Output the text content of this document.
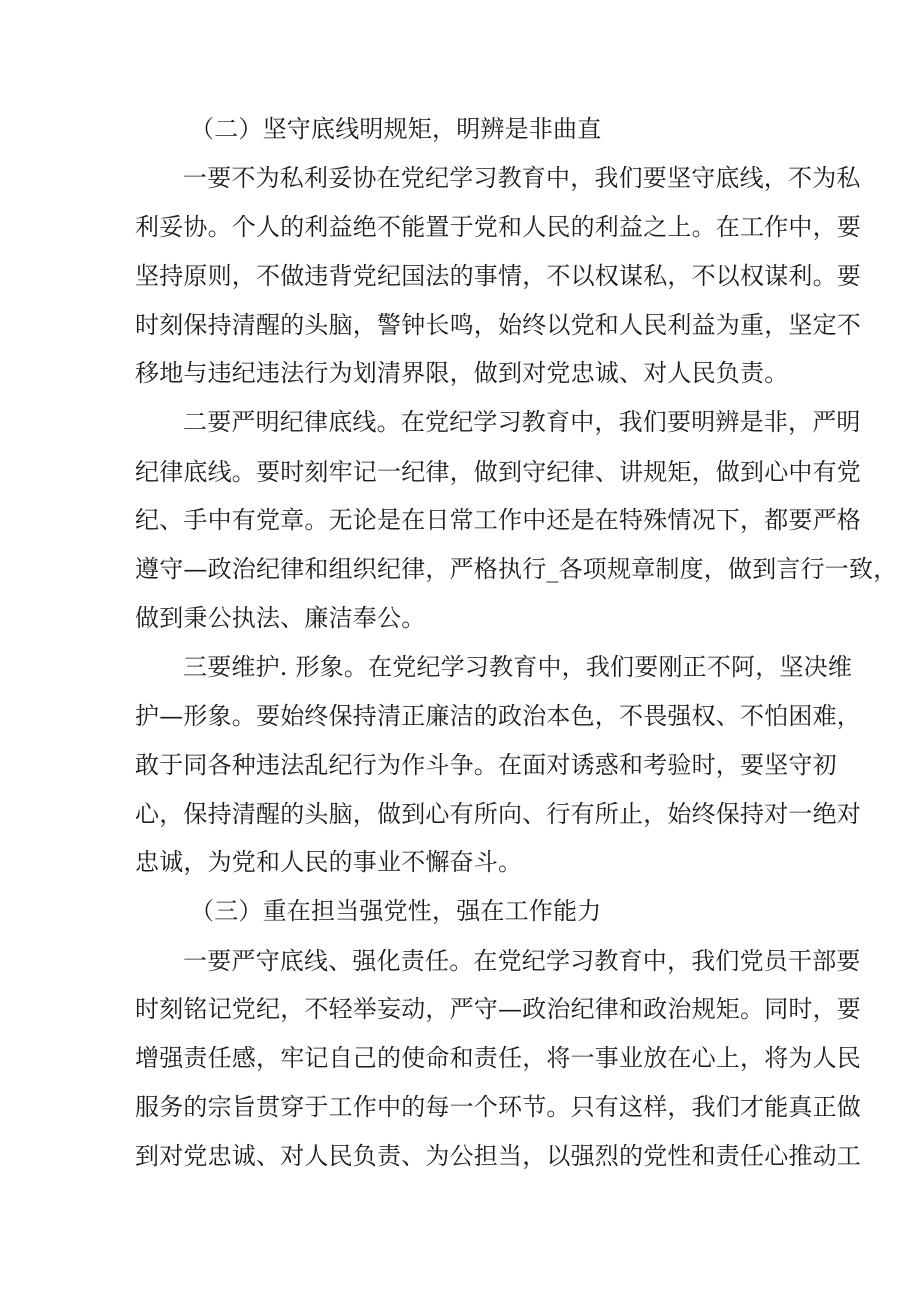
（二）坚守底线明规矩，明辨是非曲直
一要不为私利妥协在党纪学习教育中，我们要坚守底线，不为私
利妥协。个人的利益绝不能置于党和人民的利益之上。在工作中，要
坚持原则，不做违背党纪国法的事情，不以权谋私，不以权谋利。要
时刻保持清醒的头脑，警钟长鸣，始终以党和人民利益为重，坚定不
移地与违纪违法行为划清界限，做到对党忠诚、对人民负责。
二要严明纪律底线。在党纪学习教育中，我们要明辨是非，严明
纪律底线。要时刻牢记一纪律，做到守纪律、讲规矩，做到心中有党
纪、手中有党章。无论是在日常工作中还是在特殊情况下，都要严格
遵守—政治纪律和组织纪律，严格执行_各项规章制度，做到言行一致，
做到秉公执法、廉洁奉公。
三要维护. 形象。在党纪学习教育中，我们要刚正不阿，坚决维
护—形象。要始终保持清正廉洁的政治本色，不畏强权、不怕困难，
敢于同各种违法乱纪行为作斗争。在面对诱惑和考验时，要坚守初
心，保持清醒的头脑，做到心有所向、行有所止，始终保持对一绝对
忠诚，为党和人民的事业不懈奋斗。
（三）重在担当强党性，强在工作能力
一要严守底线、强化责任。在党纪学习教育中，我们党员干部要
时刻铭记党纪，不轻举妄动，严守—政治纪律和政治规矩。同时，要
增强责任感，牢记自己的使命和责任，将一事业放在心上，将为人民
服务的宗旨贯穿于工作中的每一个环节。只有这样，我们才能真正做
到对党忠诚、对人民负责、为公担当，以强烈的党性和责任心推动工
